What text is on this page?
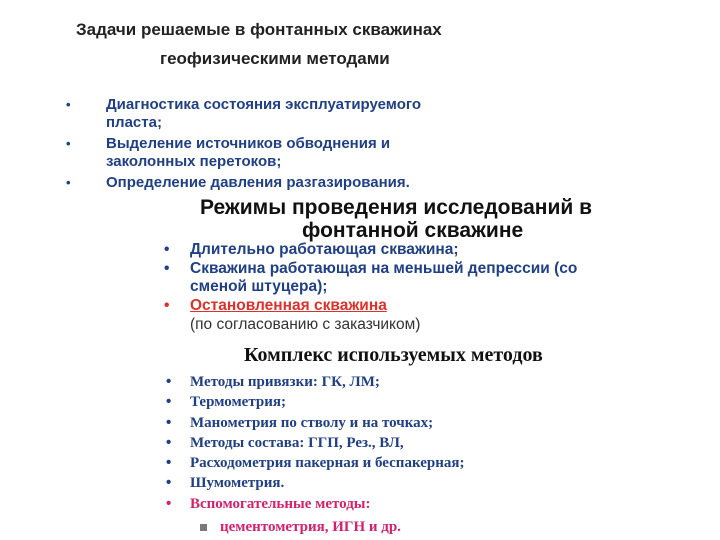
Задачи решаемые в фонтанных скважинах
геофизическими методами
• Диагностика состояния эксплуатируемого
пласта;
• Выделение источников обводнения и
заколонных перетоков;
• Определение давления разгазирования.
Режимы проведения исследований в
фонтанной скважине
• Длительно работающая скважина;
• Скважина работающая на меньшей депрессии (со
сменой штуцера);
• Остановленная скважина
(по согласованию с заказчиком)
Комплекс используемых методов
• Методы привязки: ГК, ЛМ;
• Термометрия;
• Манометрия по стволу и на точках;
• Методы состава: ГГП, Рез., ВЛ,
• Расходометрия пакерная и беспакерная;
• Шумометрия.
• Вспомогательные методы:
цементометрия, ИГН и др.
